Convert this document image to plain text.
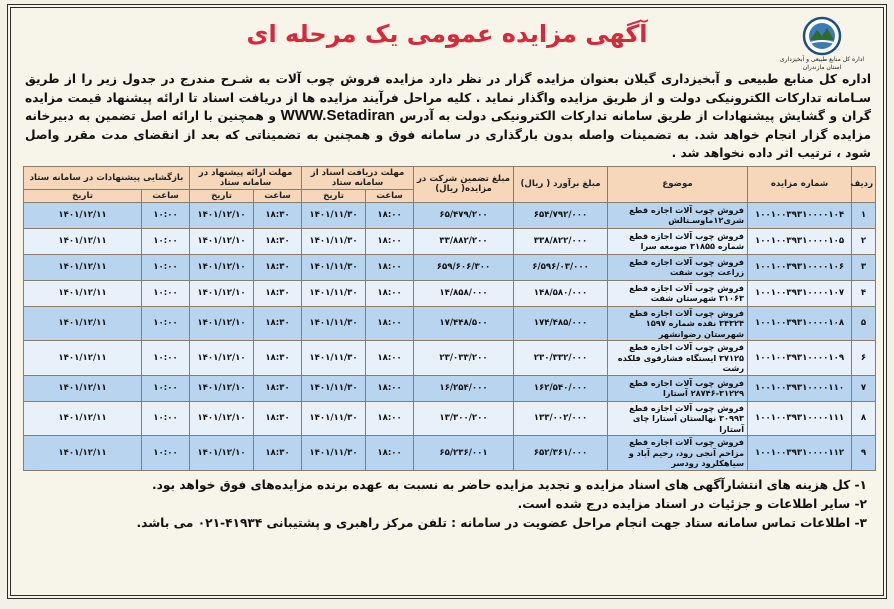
اداره کل منابع طبیعی و آبخیزداری
استان مازندران
آگهی مزایده عمومی یک مرحله ای
اداره کل منابع طبیعی و آبخیزداری گیلان بعنوان مزایده گزار در نظر دارد مزایده فروش چوب آلات به شـرح مندرج در جدول زیر را از طریق سـامانه تدارکات الکترونیکی دولت و از طریق مزایده واگذار نماید . کلیه مراحل فرآیند مزایده ها از دریافت اسناد تا ارائه پیشنهاد قیمت مزایده گران و گشایش پیشنهادات از طریق سامانه تدارکات الکترونیکی دولت به آدرس WWW.Setadiran و همچنین با ارائه اصل تضمین به دبیرخانه مزایده گزار انجام خواهد شد. به تضمینات واصله بدون بارگذاری در سامانه فوق و همچنین به تضمیناتی که بعد از انقضای مدت مقرر واصل شود ، ترتیب اثر داده نخواهد شد .
ردیف	شماره مزایده	موضوع	مبلغ برآورد ( ریال)	مبلغ تضمین شرکت در مزایده( ریال)	مهلت دریافت اسناد از سامانه ستاد		مهلت ارائه پیشنهاد در سامانه ستاد		بازگشایی پیشنهادات در سامانه ستاد	
					ساعت	تاریخ	ساعت	تاریخ	ساعت	تاریخ
۱	۱۰۰۱۰۰۳۹۳۱۰۰۰۰۱۰۴	فروش چوب آلات اجازه قطع شری۱۲ماوسـتالش	۶۵۴/۷۹۲/۰۰۰	۶۵/۴۷۹/۲۰۰	۱۸:۰۰	۱۴۰۱/۱۱/۳۰	۱۸:۳۰	۱۴۰۱/۱۲/۱۰	۱۰:۰۰	۱۴۰۱/۱۲/۱۱
۲	۱۰۰۱۰۰۳۹۳۱۰۰۰۰۱۰۵	فروش چوب آلات اجازه قطع شماره ۳۱۸۵۵ صومعه سرا	۳۳۸/۸۲۲/۰۰۰	۳۳/۸۸۲/۲۰۰	۱۸:۰۰	۱۴۰۱/۱۱/۳۰	۱۸:۳۰	۱۴۰۱/۱۲/۱۰	۱۰:۰۰	۱۴۰۱/۱۲/۱۱
۳	۱۰۰۱۰۰۳۹۳۱۰۰۰۰۱۰۶	فروش چوب آلات اجازه قطع زراعت چوب شفت	۶/۵۹۶/۰۳/۰۰۰	۶۵۹/۶۰۶/۳۰۰	۱۸:۰۰	۱۴۰۱/۱۱/۳۰	۱۸:۳۰	۱۴۰۱/۱۲/۱۰	۱۰:۰۰	۱۴۰۱/۱۲/۱۱
۴	۱۰۰۱۰۰۳۹۳۱۰۰۰۰۱۰۷	فروش چوب آلات اجازه قطع ۳۱۰۶۳ شهرستان شفت	۱۴۸/۵۸۰/۰۰۰	۱۴/۸۵۸/۰۰۰	۱۸:۰۰	۱۴۰۱/۱۱/۳۰	۱۸:۳۰	۱۴۰۱/۱۲/۱۰	۱۰:۰۰	۱۴۰۱/۱۲/۱۱
۵	۱۰۰۱۰۰۳۹۳۱۰۰۰۰۱۰۸	فروش چوب آلات اجازه قطع ۳۴۳۲۴ نقده شماره ۱۵۹۷ شهرستان رضوانشهر	۱۷۴/۴۸۵/۰۰۰	۱۷/۴۴۸/۵۰۰	۱۸:۰۰	۱۴۰۱/۱۱/۳۰	۱۸:۳۰	۱۴۰۱/۱۲/۱۰	۱۰:۰۰	۱۴۰۱/۱۲/۱۱
۶	۱۰۰۱۰۰۳۹۳۱۰۰۰۰۱۰۹	فروش چوب آلات اجازه قطع ۳۷۱۲۵ ایستگاه فشارقوی فلکده رشت	۲۳۰/۳۳۲/۰۰۰	۲۳/۰۳۳/۲۰۰	۱۸:۰۰	۱۴۰۱/۱۱/۳۰	۱۸:۳۰	۱۴۰۱/۱۲/۱۰	۱۰:۰۰	۱۴۰۱/۱۲/۱۱
۷	۱۰۰۱۰۰۳۹۳۱۰۰۰۰۱۱۰	فروش چوب آلات اجازه قطع ۳۱۲۲۹-۲۸۷۴۶ آستارا	۱۶۲/۵۴۰/۰۰۰	۱۶/۲۵۴/۰۰۰	۱۸:۰۰	۱۴۰۱/۱۱/۳۰	۱۸:۳۰	۱۴۰۱/۱۲/۱۰	۱۰:۰۰	۱۴۰۱/۱۲/۱۱
۸	۱۰۰۱۰۰۳۹۳۱۰۰۰۰۱۱۱	فروش چوب آلات اجازه قطع ۳۰۹۹۳ نهالستان آستارا چای آستارا	۱۳۳/۰۰۲/۰۰۰	۱۳/۳۰۰/۲۰۰	۱۸:۰۰	۱۴۰۱/۱۱/۳۰	۱۸:۳۰	۱۴۰۱/۱۲/۱۰	۱۰:۰۰	۱۴۰۱/۱۲/۱۱
۹	۱۰۰۱۰۰۳۹۳۱۰۰۰۰۱۱۲	فروش چوب آلات اجازه قطع مزاحم آنجی رود، رحیم آباد و سیاهکلرود رودسر	۶۵۲/۳۶۱/۰۰۰	۶۵/۲۳۶/۰۰۱	۱۸:۰۰	۱۴۰۱/۱۱/۳۰	۱۸:۳۰	۱۴۰۱/۱۲/۱۰	۱۰:۰۰	۱۴۰۱/۱۲/۱۱
۱- کل هزینه های انتشارآگهی های اسناد مزایده و تجدید مزایده حاضر به نسبت به عهده برنده مزایده‌های فوق خواهد بود.
۲- سایر اطلاعات و جزئیات در اسناد مزایده درج شده است.
۳- اطلاعات تماس سامانه ستاد جهت انجام مراحل عضویت در سامانه : تلفن مرکز راهبری و پشتیبانی ۴۱۹۳۴-۰۲۱ می باشد.
